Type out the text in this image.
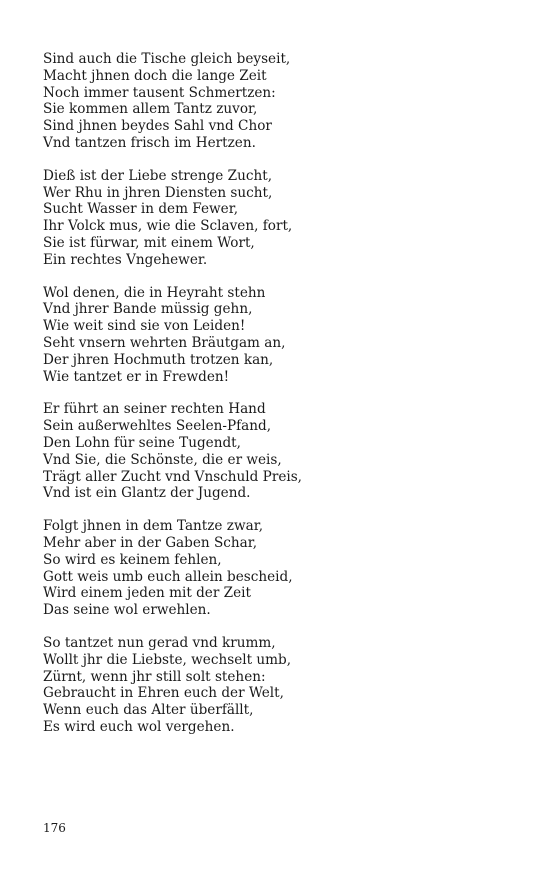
Sind auch die Tische gleich beyseit,
Macht jhnen doch die lange Zeit
Noch immer tausent Schmertzen:
Sie kommen allem Tantz zuvor,
Sind jhnen beydes Sahl vnd Chor
Vnd tantzen frisch im Hertzen.
Dieß ist der Liebe strenge Zucht,
Wer Rhu in jhren Diensten sucht,
Sucht Wasser in dem Fewer,
Ihr Volck mus, wie die Sclaven, fort,
Sie ist fürwar, mit einem Wort,
Ein rechtes Vngehewer.
Wol denen, die in Heyraht stehn
Vnd jhrer Bande müssig gehn,
Wie weit sind sie von Leiden!
Seht vnsern wehrten Bräutgam an,
Der jhren Hochmuth trotzen kan,
Wie tantzet er in Frewden!
Er führt an seiner rechten Hand
Sein außerwehltes Seelen-Pfand,
Den Lohn für seine Tugendt,
Vnd Sie, die Schönste, die er weis,
Trägt aller Zucht vnd Vnschuld Preis,
Vnd ist ein Glantz der Jugend.
Folgt jhnen in dem Tantze zwar,
Mehr aber in der Gaben Schar,
So wird es keinem fehlen,
Gott weis umb euch allein bescheid,
Wird einem jeden mit der Zeit
Das seine wol erwehlen.
So tantzet nun gerad vnd krumm,
Wollt jhr die Liebste, wechselt umb,
Zürnt, wenn jhr still solt stehen:
Gebraucht in Ehren euch der Welt,
Wenn euch das Alter überfällt,
Es wird euch wol vergehen.
176
